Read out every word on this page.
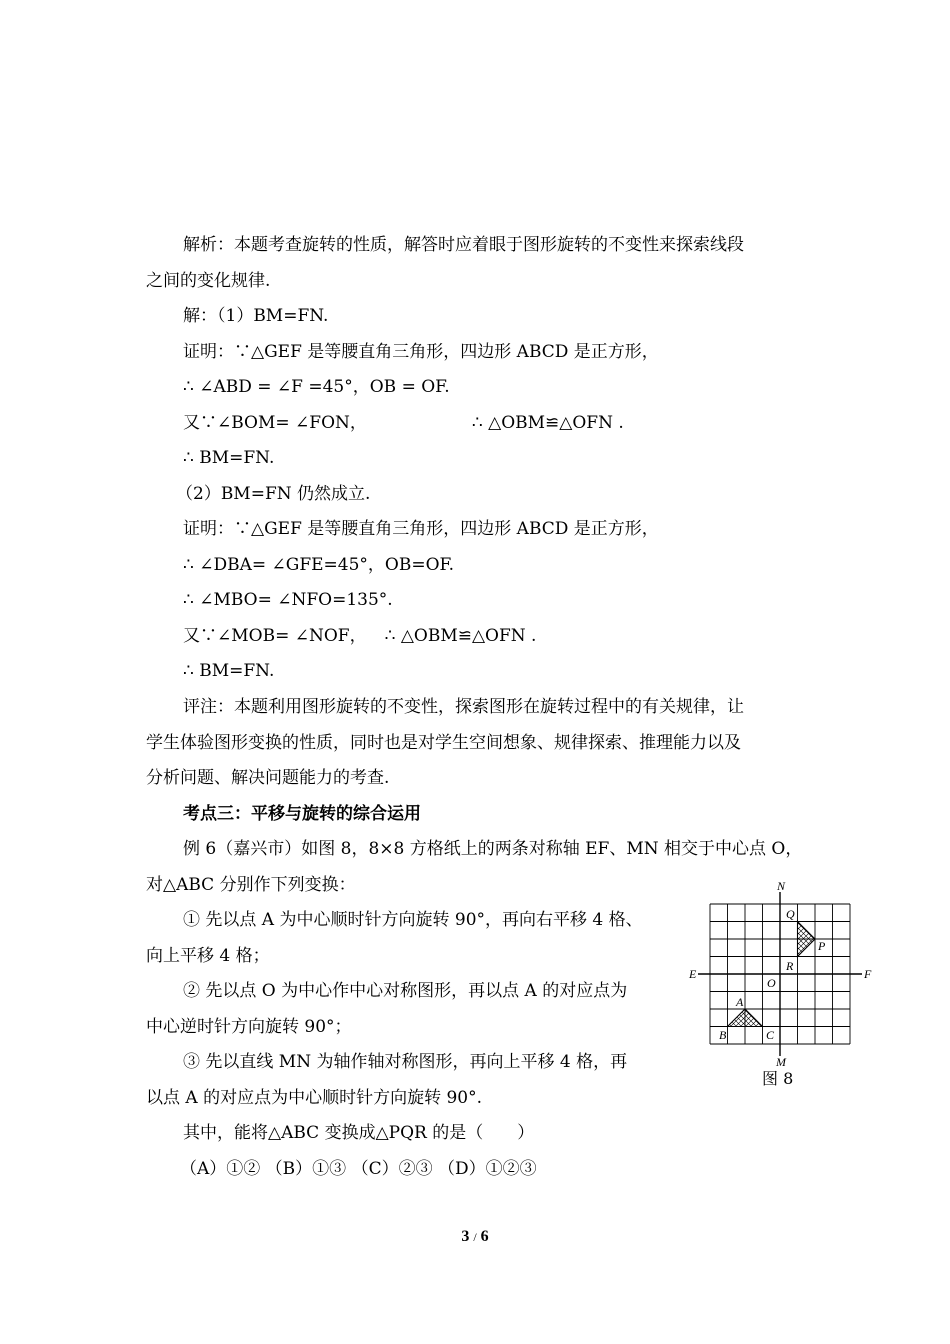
解析：本题考查旋转的性质，解答时应着眼于图形旋转的不变性来探索线段
之间的变化规律.
解：（1）BM=FN.
证明：∵△GEF 是等腰直角三角形，四边形 ABCD 是正方形，
∴ ∠ABD = ∠F =45°，OB = OF.
又∵∠BOM= ∠FON，	∴ △OBM≌△OFN .
∴ BM=FN.
（2）BM=FN 仍然成立.
证明：∵△GEF 是等腰直角三角形，四边形 ABCD 是正方形，
∴ ∠DBA= ∠GFE=45°，OB=OF.
∴ ∠MBO= ∠NFO=135°.
又∵∠MOB= ∠NOF， ∴ △OBM≌△OFN .
∴ BM=FN.
评注：本题利用图形旋转的不变性，探索图形在旋转过程中的有关规律，让
学生体验图形变换的性质，同时也是对学生空间想象、规律探索、推理能力以及
分析问题、解决问题能力的考查.
考点三：平移与旋转的综合运用
例 6（嘉兴市）如图 8，8×8 方格纸上的两条对称轴 EF、MN 相交于中心点 O，
对△ABC 分别作下列变换：
① 先以点 A 为中心顺时针方向旋转 90°，再向右平移 4 格、
向上平移 4 格；
② 先以点 O 为中心作中心对称图形，再以点 A 的对应点为
中心逆时针方向旋转 90°；
③ 先以直线 MN 为轴作轴对称图形，再向上平移 4 格，再
以点 A 的对应点为中心顺时针方向旋转 90°.
其中，能将△ABC 变换成△PQR 的是（　　）
（A）①② （B）①③ （C）②③ （D）①②③
N
M
E	F
O
A
B	C
P
Q
R
图 8
3 / 6
